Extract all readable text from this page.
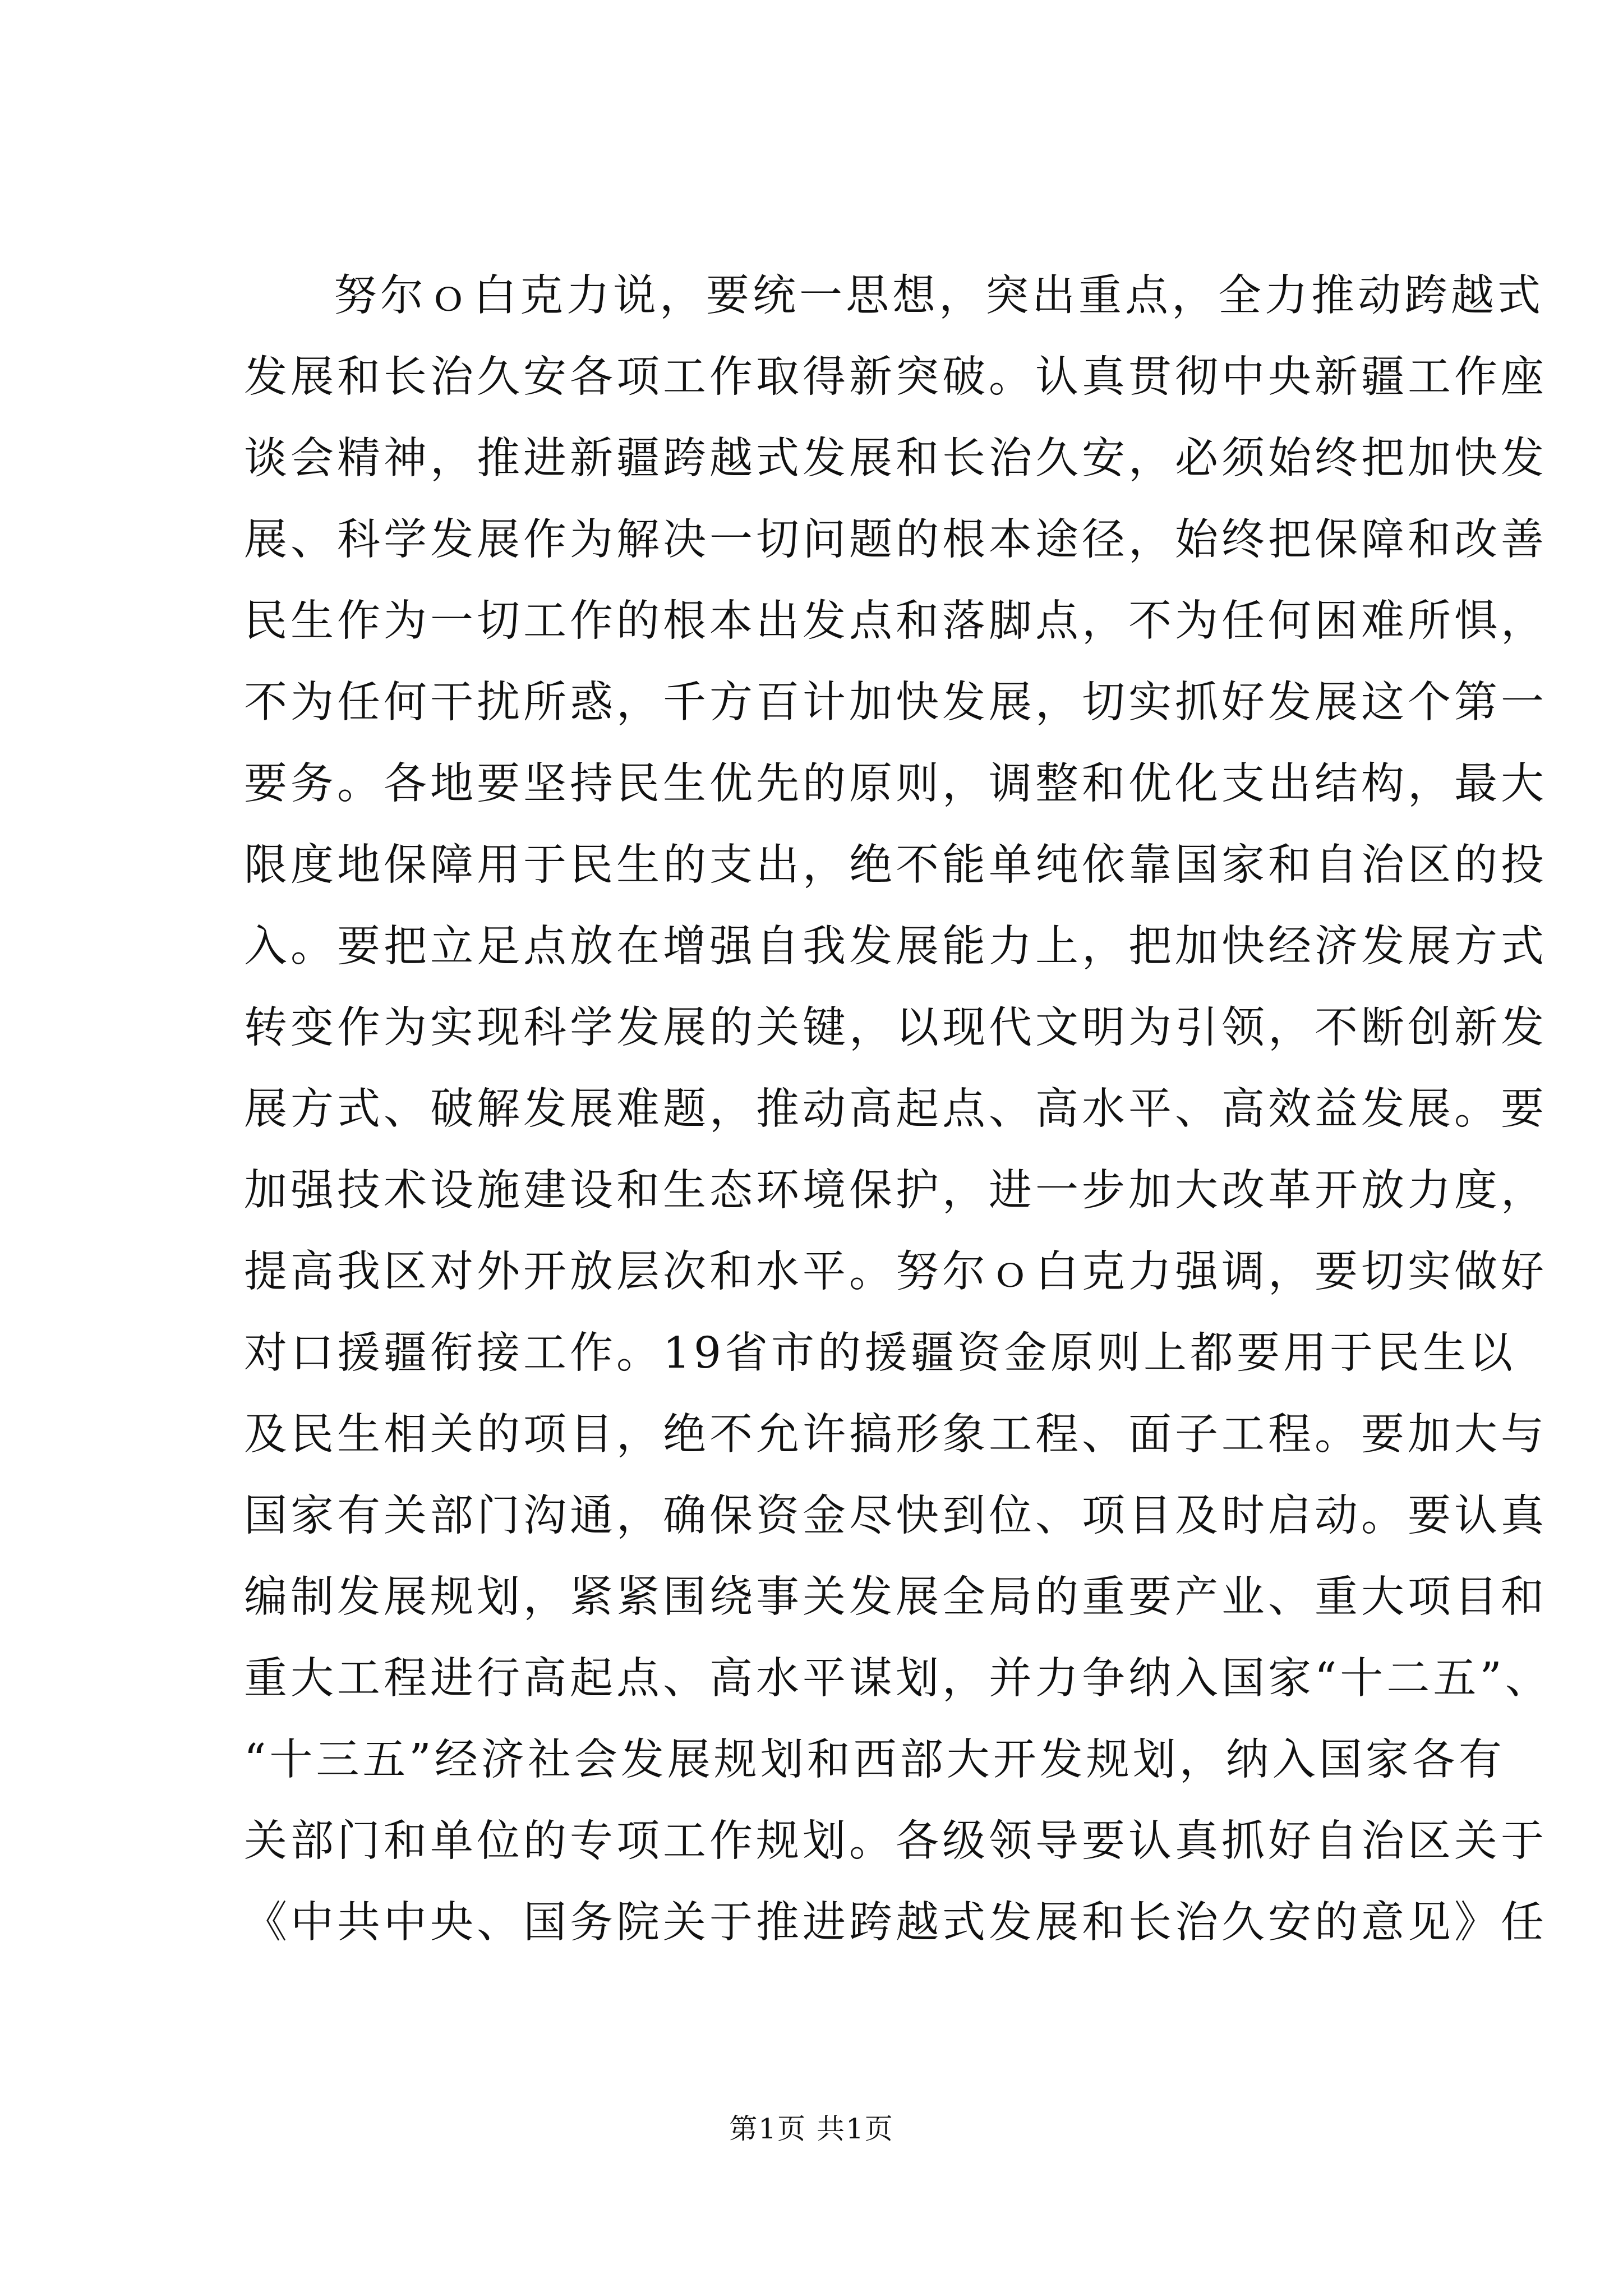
努尔ｏ白克力说，要统一思想，突出重点，全力推动跨越式
发展和长治久安各项工作取得新突破。认真贯彻中央新疆工作座
谈会精神，推进新疆跨越式发展和长治久安，必须始终把加快发
展、科学发展作为解决一切问题的根本途径，始终把保障和改善
民生作为一切工作的根本出发点和落脚点，不为任何困难所惧，
不为任何干扰所惑，千方百计加快发展，切实抓好发展这个第一
要务。各地要坚持民生优先的原则，调整和优化支出结构，最大
限度地保障用于民生的支出，绝不能单纯依靠国家和自治区的投
入。要把立足点放在增强自我发展能力上，把加快经济发展方式
转变作为实现科学发展的关键，以现代文明为引领，不断创新发
展方式、破解发展难题，推动高起点、高水平、高效益发展。要
加强技术设施建设和生态环境保护，进一步加大改革开放力度，
提高我区对外开放层次和水平。努尔ｏ白克力强调，要切实做好
对口援疆衔接工作。19省市的援疆资金原则上都要用于民生以
及民生相关的项目，绝不允许搞形象工程、面子工程。要加大与
国家有关部门沟通，确保资金尽快到位、项目及时启动。要认真
编制发展规划，紧紧围绕事关发展全局的重要产业、重大项目和
重大工程进行高起点、高水平谋划，并力争纳入国家“十二五”、
“十三五”经济社会发展规划和西部大开发规划，纳入国家各有
关部门和单位的专项工作规划。各级领导要认真抓好自治区关于
《中共中央、国务院关于推进跨越式发展和长治久安的意见》任
第1页 共1页
